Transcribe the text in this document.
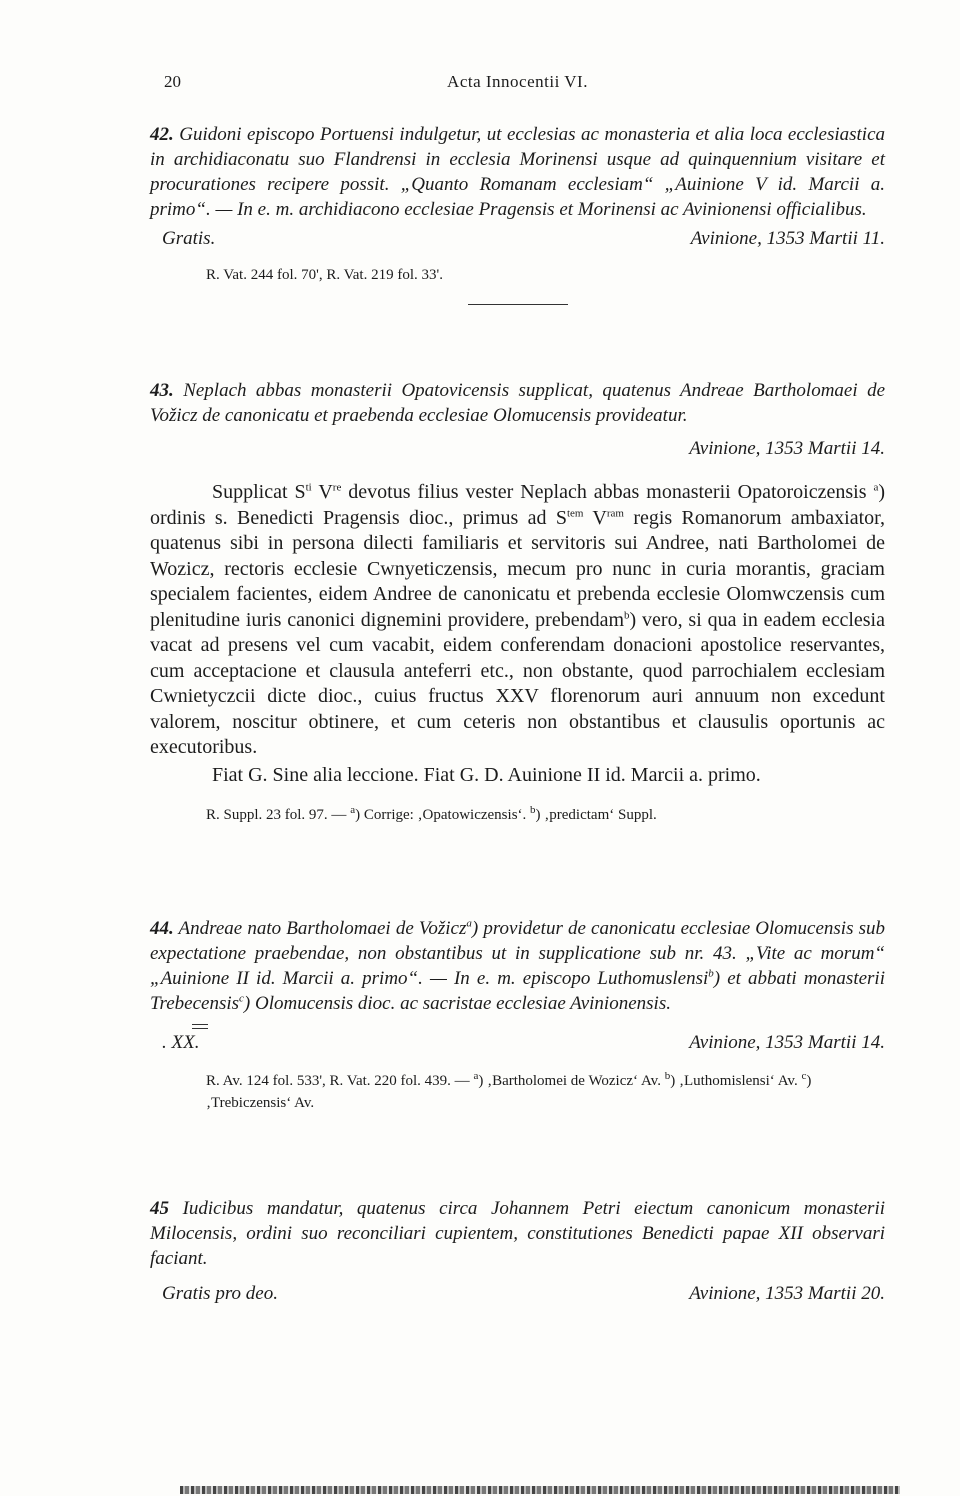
20	Acta Innocentii VI.
42. Guidoni episcopo Portuensi indulgetur, ut ecclesias ac monasteria et alia loca ecclesiastica in archidiaconatu suo Flandrensi in ecclesia Morinensi usque ad quinquennium visitare et procurationes recipere possit. „Quanto Romanam ecclesiam“ „Auinione V id. Marcii a. primo“. — In e. m. archidiacono ecclesiae Pragensis et Morinensi ac Avinionensi officialibus.
Gratis.	Avinione, 1353 Martii 11.
R. Vat. 244 fol. 70', R. Vat. 219 fol. 33'.
43. Neplach abbas monasterii Opatovicensis supplicat, quatenus Andreae Bartholomaei de Vožicz de canonicatu et praebenda ecclesiae Olomucensis provideatur.
Avinione, 1353 Martii 14.
Supplicat $S^{ti}$ Vre devotus filius vester Neplach abbas monasterii Opatoroiczensis $^a$) ordinis s. Benedicti Pragensis dioc., primus ad $S^{tem}$ $V^{ram}$ regis Romanorum ambaxiator, quatenus sibi in persona dilecti familiaris et servitoris sui Andree, nati Bartholomei de Wozicz, rectoris ecclesie Cwnyeticzensis, mecum pro nunc in curia morantis, graciam specialem facientes, eidem Andree de canonicatu et prebenda ecclesie Olomwczensis cum plenitudine iuris canonici dignemini providere, prebendam$^b$) vero, si qua in eadem ecclesia vacat ad presens vel cum vacabit, eidem conferendam donacioni apostolice reservantes, cum acceptacione et clausula anteferri etc., non obstante, quod parrochialem ecclesiam Cwnietyczcii dicte dioc., cuius fructus XXV florenorum auri annuum non excedunt valorem, noscitur obtinere, et cum ceteris non obstantibus et clausulis oportunis ac executoribus.
Fiat G. Sine alia leccione. Fiat G. D. Auinione II id. Marcii a. primo.
R. Suppl. 23 fol. 97. — $^a$) Corrige: ‚Opatowiczensis‘. $^b$) ‚predictam‘ Suppl.
44. Andreae nato Bartholomaei de Vožicz$^a$) providetur de canonicatu ecclesiae Olomucensis sub expectatione praebendae, non obstantibus ut in supplicatione sub nr. 43. „Vite ac morum“ „Auinione II id. Marcii a. primo“. — In e. m. episcopo Luthomuslensi$^b$) et abbati monasterii Trebecensis$^c$) Olomucensis dioc. ac sacristae ecclesiae Avinionensis.
. XX.	Avinione, 1353 Martii 14.
R. Av. 124 fol. 533', R. Vat. 220 fol. 439. — $^a$) ‚Bartholomei de Wozicz‘ Av. $^b$) ‚Luthomislensi‘ Av. $^c$) ‚Trebiczensis‘ Av.
45 Iudicibus mandatur, quatenus circa Johannem Petri eiectum canonicum monasterii Milocensis, ordini suo reconciliari cupientem, constitutiones Benedicti papae XII observari faciant.
Gratis pro deo.	Avinione, 1353 Martii 20.
